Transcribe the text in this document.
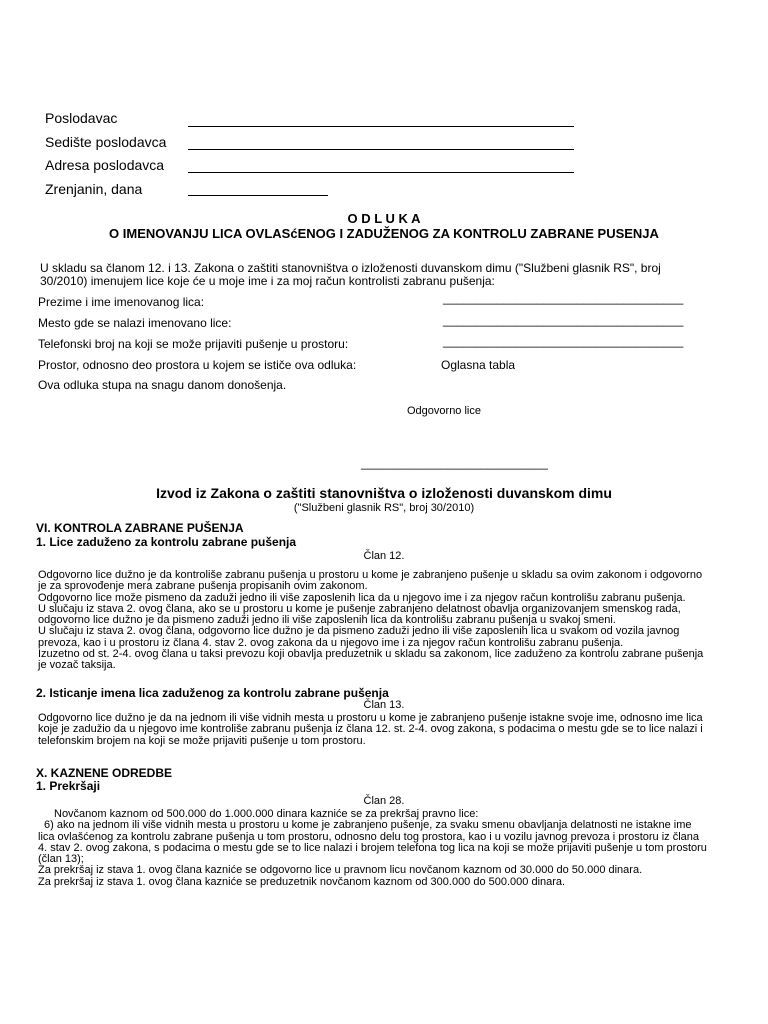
Poslodavac
Sedište poslodavca
Adresa poslodavca
Zrenjanin, dana
O D L U K A
O IMENOVANJU LICA OVLASćENOG I ZADUŽENOG ZA KONTROLU ZABRANE PUSENJA
U skladu sa članom 12. i 13. Zakona o zaštiti stanovništva o izloženosti duvanskom dimu ("Službeni glasnik RS", broj
30/2010) imenujem lice koje će u moje ime i za moj račun kontrolisti zabranu pušenja:
Prezime i ime imenovanog lica:	____________________________________
Mesto gde se nalazi imenovano lice:	____________________________________
Telefonski broj na koji se može prijaviti pušenje u prostoru:	____________________________________
Prostor, odnosno deo prostora u kojem se ističe ova odluka:	Oglasna tabla
Ova odluka stupa na snagu danom donošenja.
Odgovorno lice
____________________________
Izvod iz Zakona o zaštiti stanovništva o izloženosti duvanskom dimu
("Službeni glasnik RS", broj 30/2010)
VI. KONTROLA ZABRANE PUŠENJA
1. Lice zaduženo za kontrolu zabrane pušenja
Član 12.
Odgovorno lice dužno je da kontroliše zabranu pušenja u prostoru u kome je zabranjeno pušenje u skladu sa ovim zakonom i odgovorno
je za sprovođenje mera zabrane pušenja propisanih ovim zakonom.
Odgovorno lice može pismeno da zaduži jedno ili više zaposlenih lica da u njegovo ime i za njegov račun kontrolišu zabranu pušenja.
U slučaju iz stava 2. ovog člana, ako se u prostoru u kome je pušenje zabranjeno delatnost obavlja organizovanjem smenskog rada,
odgovorno lice dužno je da pismeno zaduži jedno ili više zaposlenih lica da kontrolišu zabranu pušenja u svakoj smeni.
U slučaju iz stava 2. ovog člana, odgovorno lice dužno je da pismeno zaduži jedno ili više zaposlenih lica u svakom od vozila javnog
prevoza, kao i u prostoru iz člana 4. stav 2. ovog zakona da u njegovo ime i za njegov račun kontrolišu zabranu pušenja.
Izuzetno od st. 2-4. ovog člana u taksi prevozu koji obavlja preduzetnik u skladu sa zakonom, lice zaduženo za kontrolu zabrane pušenja
je vozač taksija.
2. Isticanje imena lica zaduženog za kontrolu zabrane pušenja
Član 13.
Odgovorno lice dužno je da na jednom ili više vidnih mesta u prostoru u kome je zabranjeno pušenje istakne svoje ime, odnosno ime lica
koje je zadužio da u njegovo ime kontroliše zabranu pušenja iz člana 12. st. 2-4. ovog zakona, s podacima o mestu gde se to lice nalazi i
telefonskim brojem na koji se može prijaviti pušenje u tom prostoru.
X. KAZNENE ODREDBE
1. Prekršaji
Član 28.
Novčanom kaznom od 500.000 do 1.000.000 dinara kazniće se za prekršaj pravno lice:
6) ako na jednom ili više vidnih mesta u prostoru u kome je zabranjeno pušenje, za svaku smenu obavljanja delatnosti ne istakne ime
lica ovlašćenog za kontrolu zabrane pušenja u tom prostoru, odnosno delu tog prostora, kao i u vozilu javnog prevoza i prostoru iz člana
4. stav 2. ovog zakona, s podacima o mestu gde se to lice nalazi i brojem telefona tog lica na koji se može prijaviti pušenje u tom prostoru
(član 13);
Za prekršaj iz stava 1. ovog člana kazniće se odgovorno lice u pravnom licu novčanom kaznom od 30.000 do 50.000 dinara.
Za prekršaj iz stava 1. ovog člana kazniće se preduzetnik novčanom kaznom od 300.000 do 500.000 dinara.
